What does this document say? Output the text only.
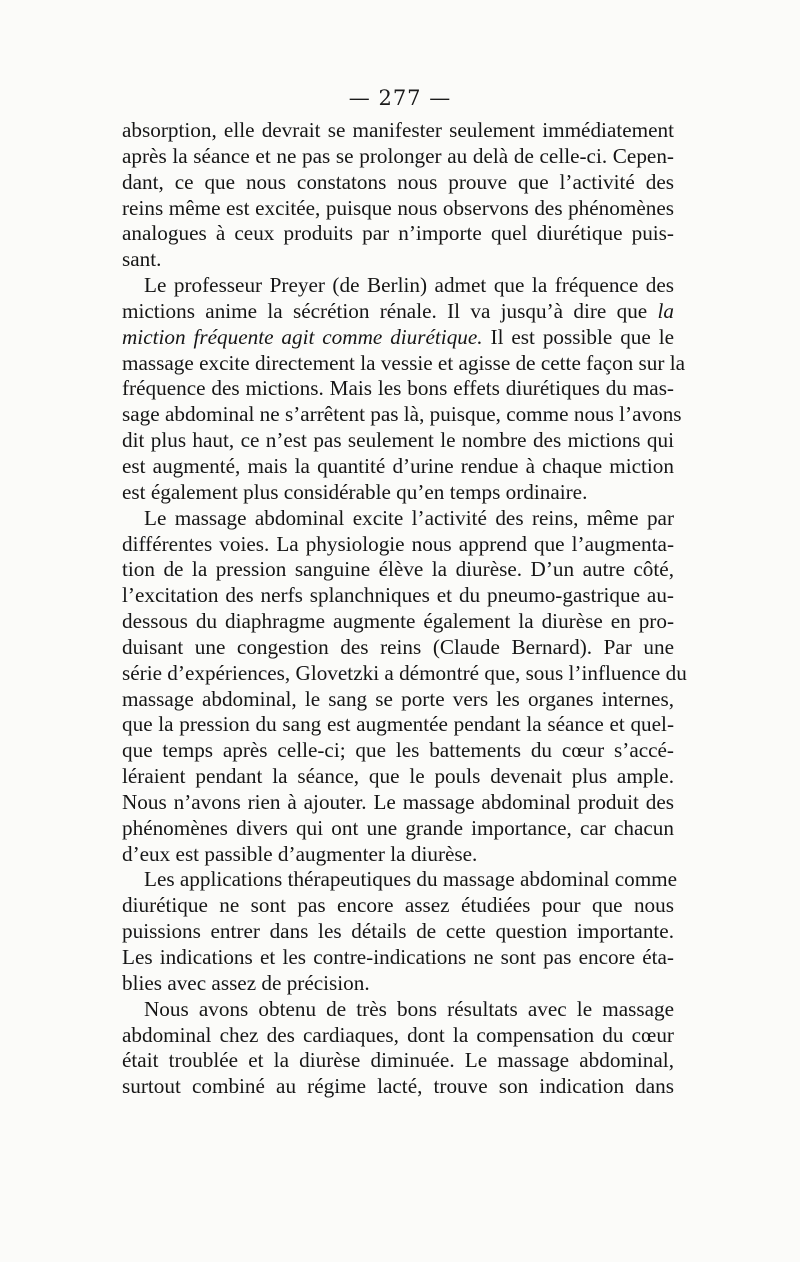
— 277 —
absorption, elle devrait se manifester seulement immédiatement
après la séance et ne pas se prolonger au delà de celle-ci. Cepen-
dant, ce que nous constatons nous prouve que l’activité des
reins même est excitée, puisque nous observons des phénomènes
analogues à ceux produits par n’importe quel diurétique puis-
sant.
Le professeur Preyer (de Berlin) admet que la fréquence des
mictions anime la sécrétion rénale. Il va jusqu’à dire que la
miction fréquente agit comme diurétique. Il est possible que le
massage excite directement la vessie et agisse de cette façon sur la
fréquence des mictions. Mais les bons effets diurétiques du mas-
sage abdominal ne s’arrêtent pas là, puisque, comme nous l’avons
dit plus haut, ce n’est pas seulement le nombre des mictions qui
est augmenté, mais la quantité d’urine rendue à chaque miction
est également plus considérable qu’en temps ordinaire.
Le massage abdominal excite l’activité des reins, même par
différentes voies. La physiologie nous apprend que l’augmenta-
tion de la pression sanguine élève la diurèse. D’un autre côté,
l’excitation des nerfs splanchniques et du pneumo-gastrique au-
dessous du diaphragme augmente également la diurèse en pro-
duisant une congestion des reins (Claude Bernard). Par une
série d’expériences, Glovetzki a démontré que, sous l’influence du
massage abdominal, le sang se porte vers les organes internes,
que la pression du sang est augmentée pendant la séance et quel-
que temps après celle-ci; que les battements du cœur s’accé-
léraient pendant la séance, que le pouls devenait plus ample.
Nous n’avons rien à ajouter. Le massage abdominal produit des
phénomènes divers qui ont une grande importance, car chacun
d’eux est passible d’augmenter la diurèse.
Les applications thérapeutiques du massage abdominal comme
diurétique ne sont pas encore assez étudiées pour que nous
puissions entrer dans les détails de cette question importante.
Les indications et les contre-indications ne sont pas encore éta-
blies avec assez de précision.
Nous avons obtenu de très bons résultats avec le massage
abdominal chez des cardiaques, dont la compensation du cœur
était troublée et la diurèse diminuée. Le massage abdominal,
surtout combiné au régime lacté, trouve son indication dans
